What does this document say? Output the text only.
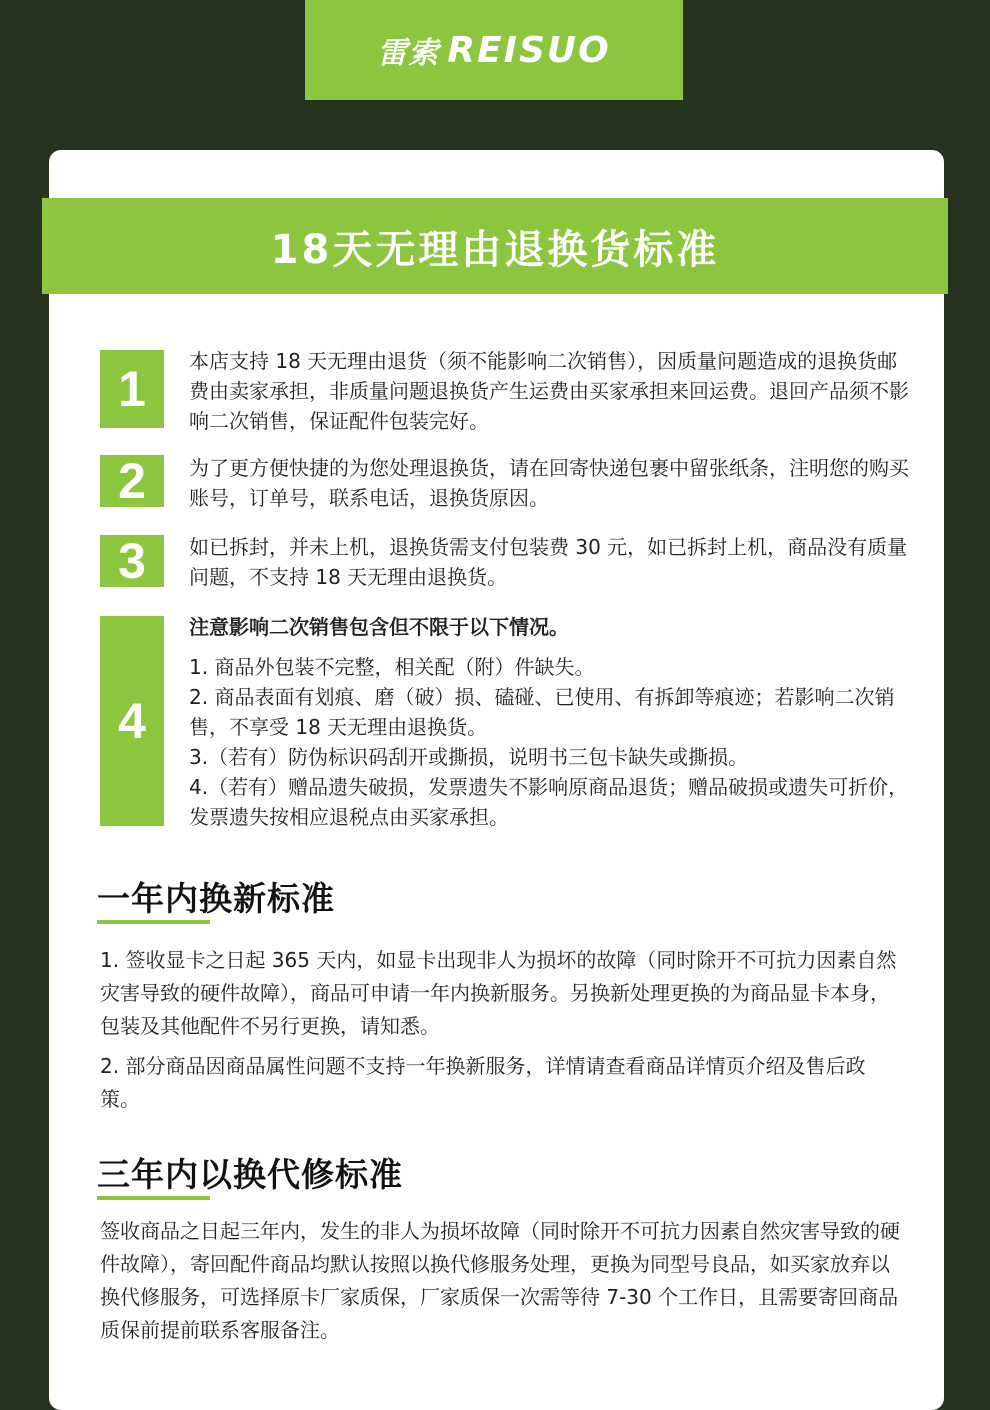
雷索 REISUO
18天无理由退换货标准
1	本店支持 18 天无理由退货（须不能影响二次销售），因质量问题造成的退换货邮费由卖家承担，非质量问题退换货产生运费由买家承担来回运费。退回产品须不影响二次销售，保证配件包装完好。

2	为了更方便快捷的为您处理退换货，请在回寄快递包裹中留张纸条，注明您的购买账号，订单号，联系电话，退换货原因。

3	如已拆封，并未上机，退换货需支付包装费 30 元，如已拆封上机，商品没有质量问题，不支持 18 天无理由退换货。

4

注意影响二次销售包含但不限于以下情况。

1. 商品外包装不完整，相关配（附）件缺失。

2. 商品表面有划痕、磨（破）损、磕碰、已使用、有拆卸等痕迹；若影响二次销售，不享受 18 天无理由退换货。

3.（若有）防伪标识码刮开或撕损，说明书三包卡缺失或撕损。

4.（若有）赠品遗失破损，发票遗失不影响原商品退货；赠品破损或遗失可折价，发票遗失按相应退税点由买家承担。

一年内换新标准

1. 签收显卡之日起 365 天内，如显卡出现非人为损坏的故障（同时除开不可抗力因素自然灾害导致的硬件故障），商品可申请一年内换新服务。另换新处理更换的为商品显卡本身，包装及其他配件不另行更换，请知悉。

2. 部分商品因商品属性问题不支持一年换新服务，详情请查看商品详情页介绍及售后政策。

三年内以换代修标准

签收商品之日起三年内，发生的非人为损坏故障（同时除开不可抗力因素自然灾害导致的硬件故障），寄回配件商品均默认按照以换代修服务处理，更换为同型号良品，如买家放弃以换代修服务，可选择原卡厂家质保，厂家质保一次需等待 7-30 个工作日，且需要寄回商品质保前提前联系客服备注。
